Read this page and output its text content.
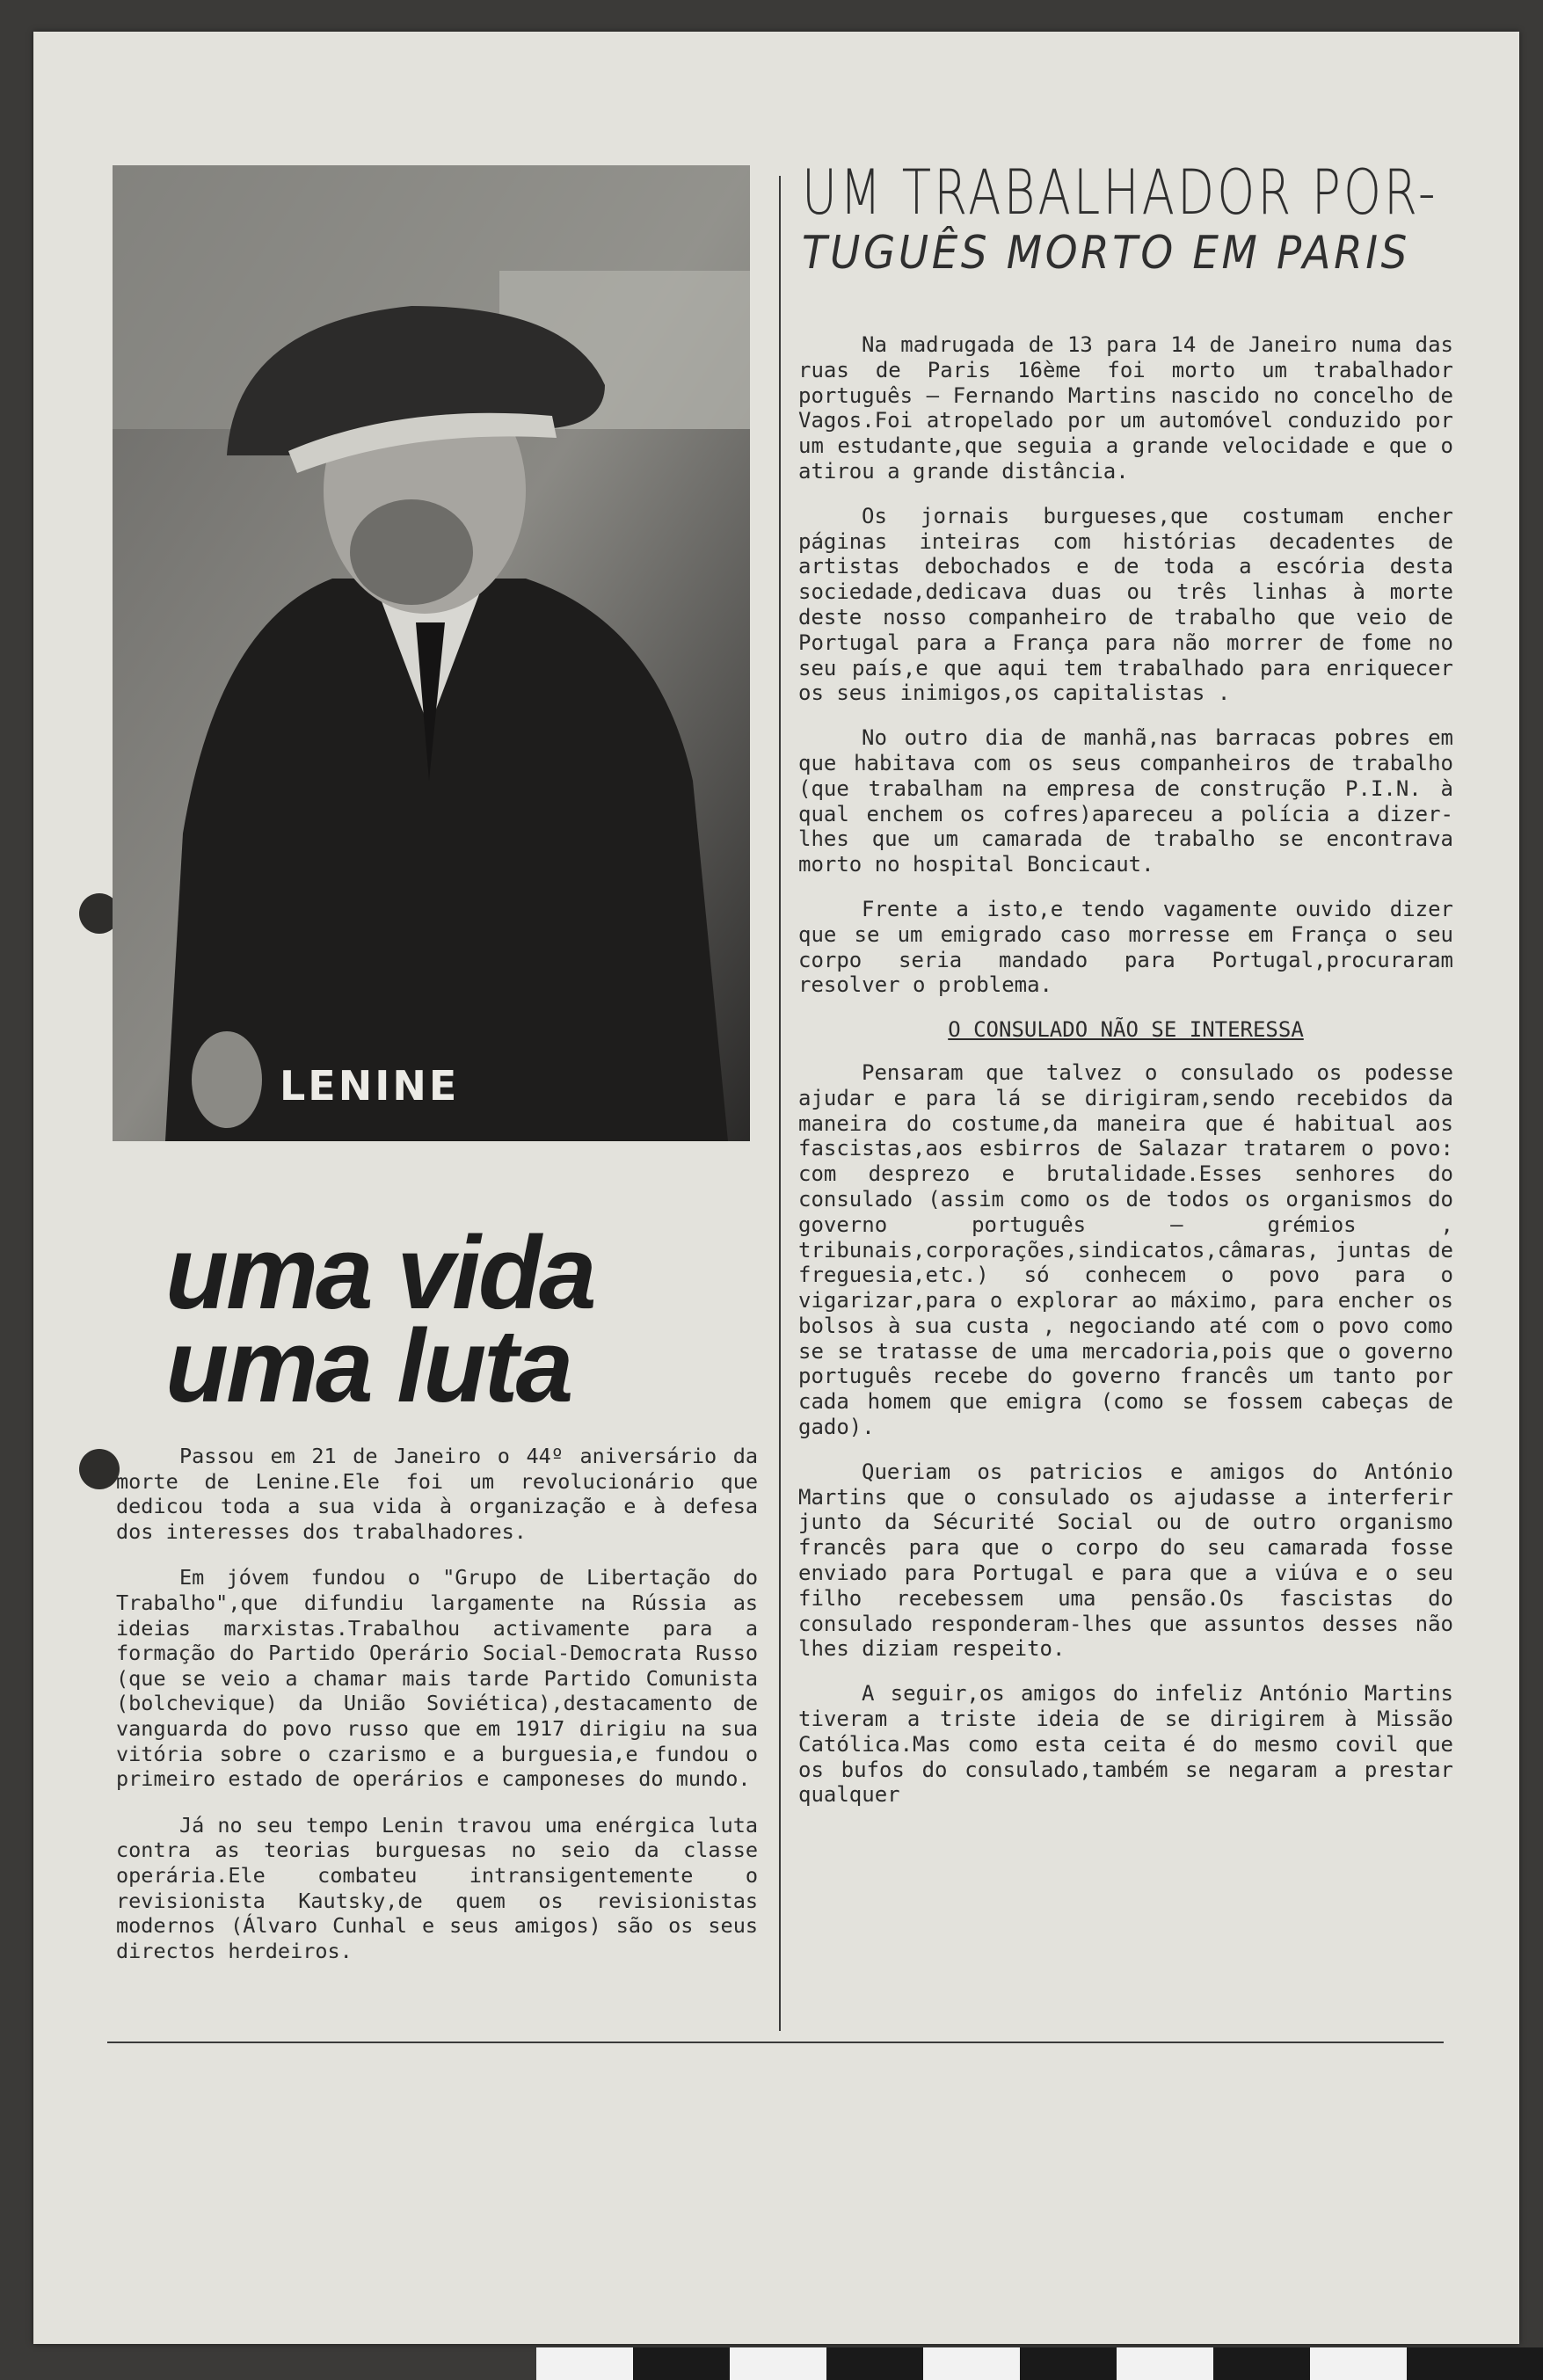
LENINE
uma vida
uma luta

Passou em 21 de Janeiro o 44º aniversário da morte de Lenine.Ele foi um revolucionário que dedicou toda a sua vida à organização e à defesa dos interesses dos trabalhadores.

Em jóvem fundou o "Grupo de Libertação do Trabalho",que difundiu largamente na Rússia as ideias marxistas.Trabalhou activamente para a formação do Partido Operário Social-Democrata Russo (que se veio a chamar mais tarde Partido Comunista (bolchevique) da União Soviética),destacamento de vanguarda do povo russo que em 1917 dirigiu na sua vitória sobre o czarismo e a burguesia,e fundou o primeiro estado de operários e camponeses do mundo.

Já no seu tempo Lenin travou uma enérgica luta contra as teorias burguesas no seio da classe operária.Ele combateu intransigentemente o revisionista Kautsky,de quem os revisionistas modernos (Álvaro Cunhal e seus amigos) são os seus directos herdeiros.

UM TRABALHADOR POR-
TUGUÊS MORTO EM PARIS

Na madrugada de 13 para 14 de Janeiro numa das ruas de Paris 16ème foi morto um trabalhador português — Fernando Martins nascido no concelho de Vagos.Foi atropelado por um automóvel conduzido por um estudante,que seguia a grande velocidade e que o atirou a grande distância.

Os jornais burgueses,que costumam encher páginas inteiras com histórias decadentes de artistas debochados e de toda a escória desta sociedade,dedicava duas ou três linhas à morte deste nosso companheiro de trabalho que veio de Portugal para a França para não morrer de fome no seu país,e que aqui tem trabalhado para enriquecer os seus inimigos,os capitalistas .

No outro dia de manhã,nas barracas pobres em que habitava com os seus companheiros de trabalho (que trabalham na empresa de construção P.I.N. à qual enchem os cofres)apareceu a polícia a dizer-lhes que um camarada de trabalho se encontrava morto no hospital Boncicaut.

Frente a isto,e tendo vagamente ouvido dizer que se um emigrado caso morresse em França o seu corpo seria mandado para Portugal,procuraram resolver o problema.

O CONSULADO NÃO SE INTERESSA

Pensaram que talvez o consulado os podesse ajudar e para lá se dirigiram,sendo recebidos da maneira do costume,da maneira que é habitual aos fascistas,aos esbirros de Salazar tratarem o povo: com desprezo e brutalidade.Esses senhores do consulado (assim como os de todos os organismos do governo português — grémios , tribunais,corporações,sindicatos,câmaras, juntas de freguesia,etc.) só conhecem o povo para o vigarizar,para o explorar ao máximo, para encher os bolsos à sua custa , negociando até com o povo como se se tratasse de uma mercadoria,pois que o governo português recebe do governo francês um tanto por cada homem que emigra (como se fossem cabeças de gado).

Queriam os patricios e amigos do António Martins que o consulado os ajudasse a interferir junto da Sécurité Social ou de outro organismo francês para que o corpo do seu camarada fosse enviado para Portugal e para que a viúva e o seu filho recebessem uma pensão.Os fascistas do consulado responderam-lhes que assuntos desses não lhes diziam respeito.

A seguir,os amigos do infeliz António Martins tiveram a triste ideia de se dirigirem à Missão Católica.Mas como esta ceita é do mesmo covil que os bufos do consulado,também se negaram a prestar qualquer
